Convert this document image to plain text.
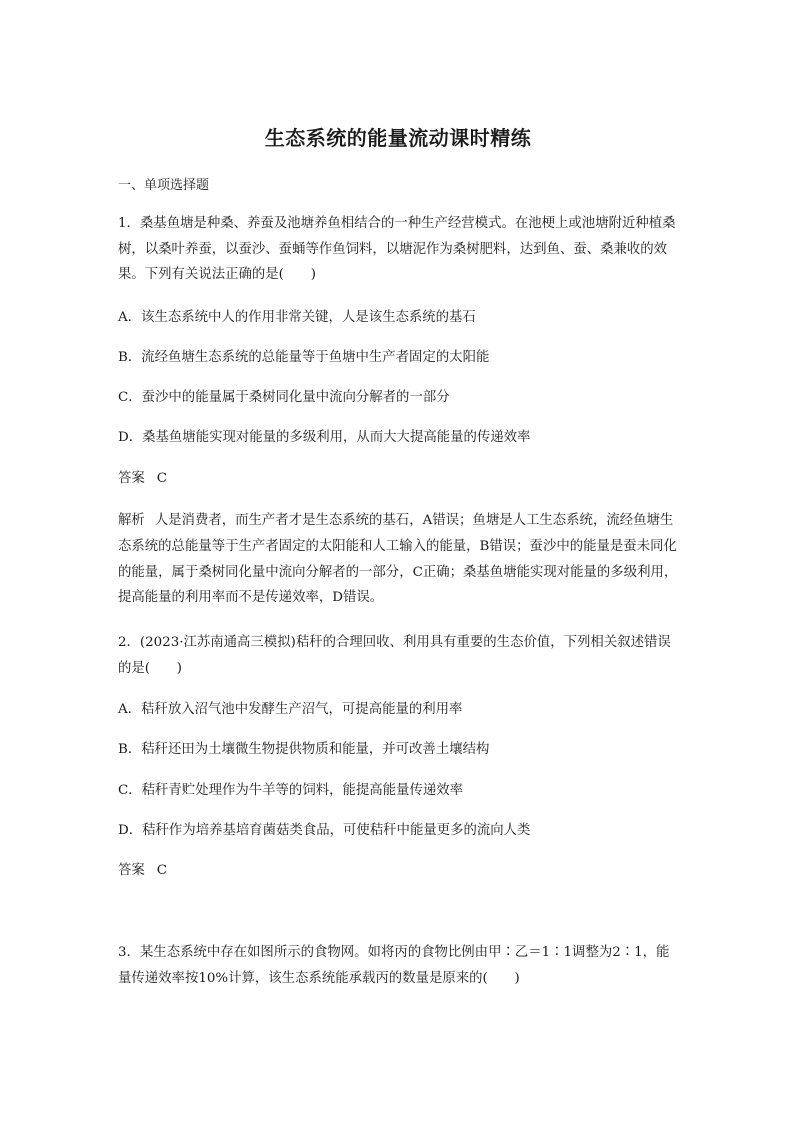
生态系统的能量流动课时精练

一、单项选择题

1．桑基鱼塘是种桑、养蚕及池塘养鱼相结合的一种生产经营模式。在池梗上或池塘附近种植桑树，以桑叶养蚕，以蚕沙、蚕蛹等作鱼饲料，以塘泥作为桑树肥料，达到鱼、蚕、桑兼收的效果。下列有关说法正确的是(　　)

A．该生态系统中人的作用非常关键，人是该生态系统的基石

B．流经鱼塘生态系统的总能量等于鱼塘中生产者固定的太阳能

C．蚕沙中的能量属于桑树同化量中流向分解者的一部分

D．桑基鱼塘能实现对能量的多级利用，从而大大提高能量的传递效率

答案 C

解析 人是消费者，而生产者才是生态系统的基石，A错误；鱼塘是人工生态系统，流经鱼塘生态系统的总能量等于生产者固定的太阳能和人工输入的能量，B错误；蚕沙中的能量是蚕未同化的能量，属于桑树同化量中流向分解者的一部分，C正确；桑基鱼塘能实现对能量的多级利用，提高能量的利用率而不是传递效率，D错误。

2．(2023·江苏南通高三模拟)秸秆的合理回收、利用具有重要的生态价值，下列相关叙述错误的是(　　)

A．秸秆放入沼气池中发酵生产沼气，可提高能量的利用率

B．秸秆还田为土壤微生物提供物质和能量，并可改善土壤结构

C．秸秆青贮处理作为牛羊等的饲料，能提高能量传递效率

D．秸秆作为培养基培育菌菇类食品，可使秸秆中能量更多的流向人类

答案 C

3．某生态系统中存在如图所示的食物网。如将丙的食物比例由甲∶乙＝1∶1调整为2∶1，能量传递效率按10%计算，该生态系统能承载丙的数量是原来的(　　)
